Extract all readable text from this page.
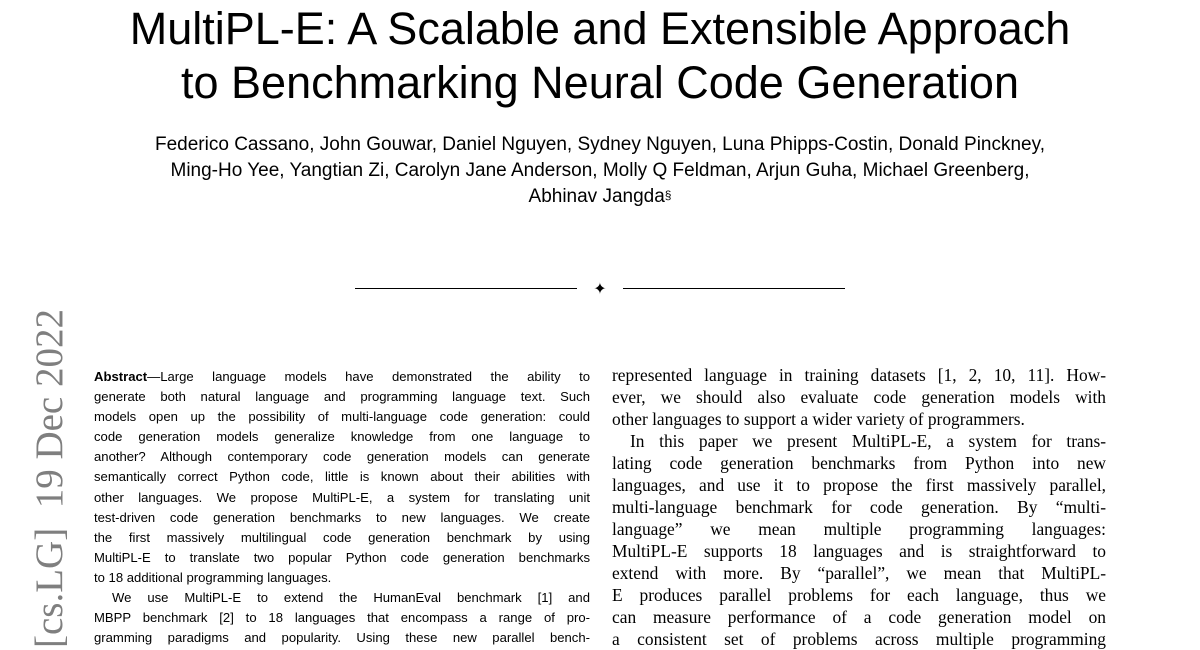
MultiPL-E: A Scalable and Extensible Approach
to Benchmarking Neural Code Generation
Federico Cassano, John Gouwar, Daniel Nguyen, Sydney Nguyen, Luna Phipps-Costin, Donald Pinckney,
Ming-Ho Yee, Yangtian Zi, Carolyn Jane Anderson, Molly Q Feldman, Arjun Guha, Michael Greenberg,
Abhinav Jangda§
✦
[cs.LG]  19 Dec 2022	Abstract—Large language models have demonstrated the ability to
generate both natural language and programming language text. Such
models open up the possibility of multi-language code generation: could
code generation models generalize knowledge from one language to
another? Although contemporary code generation models can generate
semantically correct Python code, little is known about their abilities with
other languages. We propose MultiPL-E, a system for translating unit
test-driven code generation benchmarks to new languages. We create
the first massively multilingual code generation benchmark by using
MultiPL-E to translate two popular Python code generation benchmarks
to 18 additional programming languages.
We use MultiPL-E to extend the HumanEval benchmark [1] and
MBPP benchmark [2] to 18 languages that encompass a range of pro-
gramming paradigms and popularity. Using these new parallel bench-
represented language in training datasets [1, 2, 10, 11]. How-
ever, we should also evaluate code generation models with
other languages to support a wider variety of programmers.
In this paper we present MultiPL-E, a system for trans-
lating code generation benchmarks from Python into new
languages, and use it to propose the first massively parallel,
multi-language benchmark for code generation. By “multi-
language” we mean multiple programming languages:
MultiPL-E supports 18 languages and is straightforward to
extend with more. By “parallel”, we mean that MultiPL-
E produces parallel problems for each language, thus we
can measure performance of a code generation model on
a consistent set of problems across multiple programming
